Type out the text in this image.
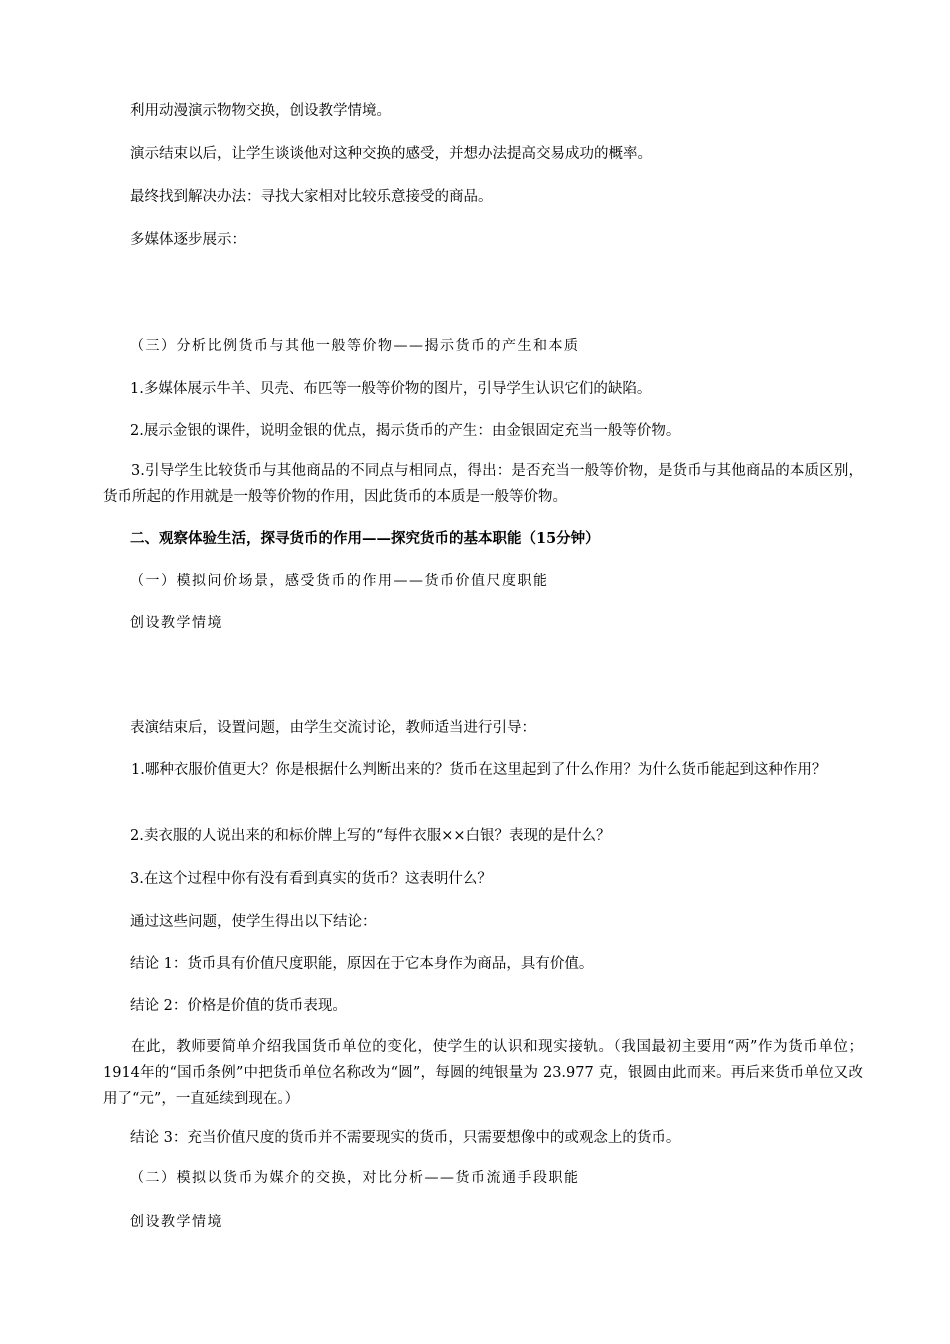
利用动漫演示物物交换，创设教学情境。
演示结束以后，让学生谈谈他对这种交换的感受，并想办法提高交易成功的概率。
最终找到解决办法：寻找大家相对比较乐意接受的商品。
多媒体逐步展示：
（三）分析比例货币与其他一般等价物——揭示货币的产生和本质
1.多媒体展示牛羊、贝壳、布匹等一般等价物的图片，引导学生认识它们的缺陷。
2.展示金银的课件，说明金银的优点，揭示货币的产生：由金银固定充当一般等价物。
3.引导学生比较货币与其他商品的不同点与相同点，得出：是否充当一般等价物，是货币与其他商品的本质区别，货币所起的作用就是一般等价物的作用，因此货币的本质是一般等价物。
二、观察体验生活，探寻货币的作用——探究货币的基本职能（15分钟）
（一）模拟问价场景，感受货币的作用——货币价值尺度职能
创设教学情境
表演结束后，设置问题，由学生交流讨论，教师适当进行引导：
1.哪种衣服价值更大？你是根据什么判断出来的？货币在这里起到了什么作用？为什么货币能起到这种作用？
2.卖衣服的人说出来的和标价牌上写的“每件衣服××白银？表现的是什么？
3.在这个过程中你有没有看到真实的货币？这表明什么？
通过这些问题，使学生得出以下结论：
结论 1：货币具有价值尺度职能，原因在于它本身作为商品，具有价值。
结论 2：价格是价值的货币表现。
在此，教师要简单介绍我国货币单位的变化，使学生的认识和现实接轨。（我国最初主要用“两”作为货币单位；1914年的“国币条例”中把货币单位名称改为“圆”，每圆的纯银量为 23.977 克，银圆由此而来。再后来货币单位又改用了“元”，一直延续到现在。）
结论 3：充当价值尺度的货币并不需要现实的货币，只需要想像中的或观念上的货币。
（二）模拟以货币为媒介的交换，对比分析——货币流通手段职能
创设教学情境
